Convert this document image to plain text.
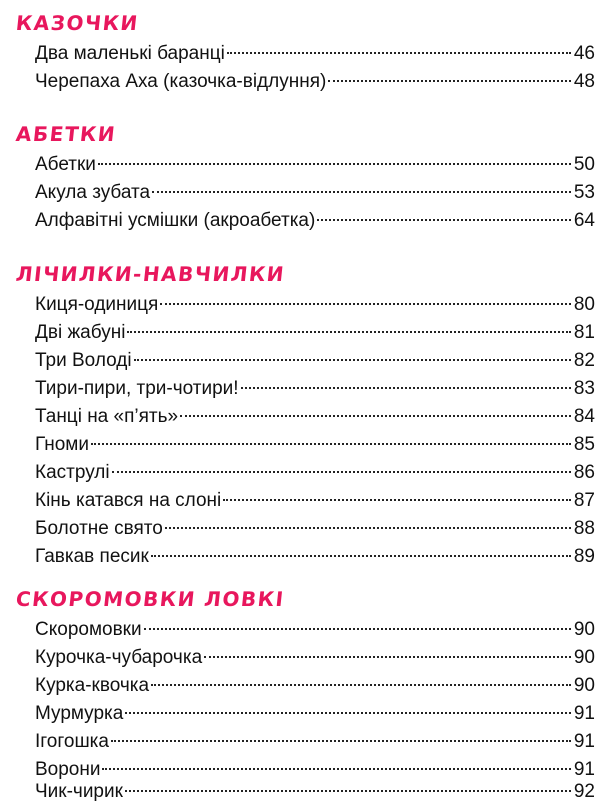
КАЗОЧКИ
Два маленькі баранці	46
Черепаха Аха (казочка-відлуння)	48
АБЕТКИ
Абетки	50
Акула зубата	53
Алфавітні усмішки (акроабетка)	64
ЛІЧИЛКИ-НАВЧИЛКИ
Киця-одиниця	80
Дві жабуні	81
Три Володі	82
Тири-пири, три-чотири!	83
Танці на «п’ять»	84
Гноми	85
Каструлі	86
Кінь катався на слоні	87
Болотне свято	88
Гавкав песик	89
СКОРОМОВКИ ЛОВКІ
Скоромовки	90
Курочка-чубарочка	90
Курка-квочка	90
Мурмурка	91
Ігогошка	91
Ворони	91
Чик-чирик	92
